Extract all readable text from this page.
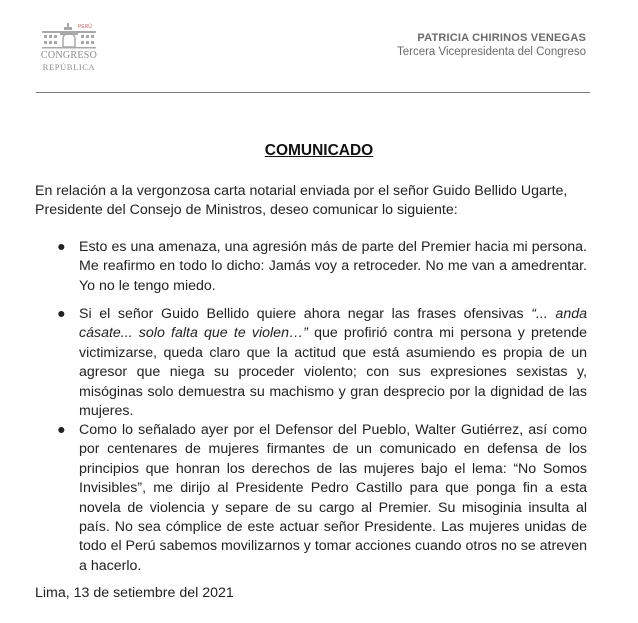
PERÚ
CONGRESO
REPÚBLICA
PATRICIA CHIRINOS VENEGAS
Tercera Vicepresidenta del Congreso
COMUNICADO
En relación a la vergonzosa carta notarial enviada por el señor Guido Bellido Ugarte, Presidente del Consejo de Ministros, deseo comunicar lo siguiente:
● Esto es una amenaza, una agresión más de parte del Premier hacia mi persona. Me reafirmo en todo lo dicho: Jamás voy a retroceder. No me van a amedrentar. Yo no le tengo miedo.
● Si el señor Guido Bellido quiere ahora negar las frases ofensivas “... anda cásate... solo falta que te violen…” que profirió contra mi persona y pretende victimizarse, queda claro que la actitud que está asumiendo es propia de un agresor que niega su proceder violento; con sus expresiones sexistas y, misóginas solo demuestra su machismo y gran desprecio por la dignidad de las mujeres.
● Como lo señalado ayer por el Defensor del Pueblo, Walter Gutiérrez, así como por centenares de mujeres firmantes de un comunicado en defensa de los principios que honran los derechos de las mujeres bajo el lema: “No Somos Invisibles”, me dirijo al Presidente Pedro Castillo para que ponga fin a esta novela de violencia y separe de su cargo al Premier. Su misoginia insulta al país. No sea cómplice de este actuar señor Presidente. Las mujeres unidas de todo el Perú sabemos movilizarnos y tomar acciones cuando otros no se atreven a hacerlo.
Lima, 13 de setiembre del 2021
